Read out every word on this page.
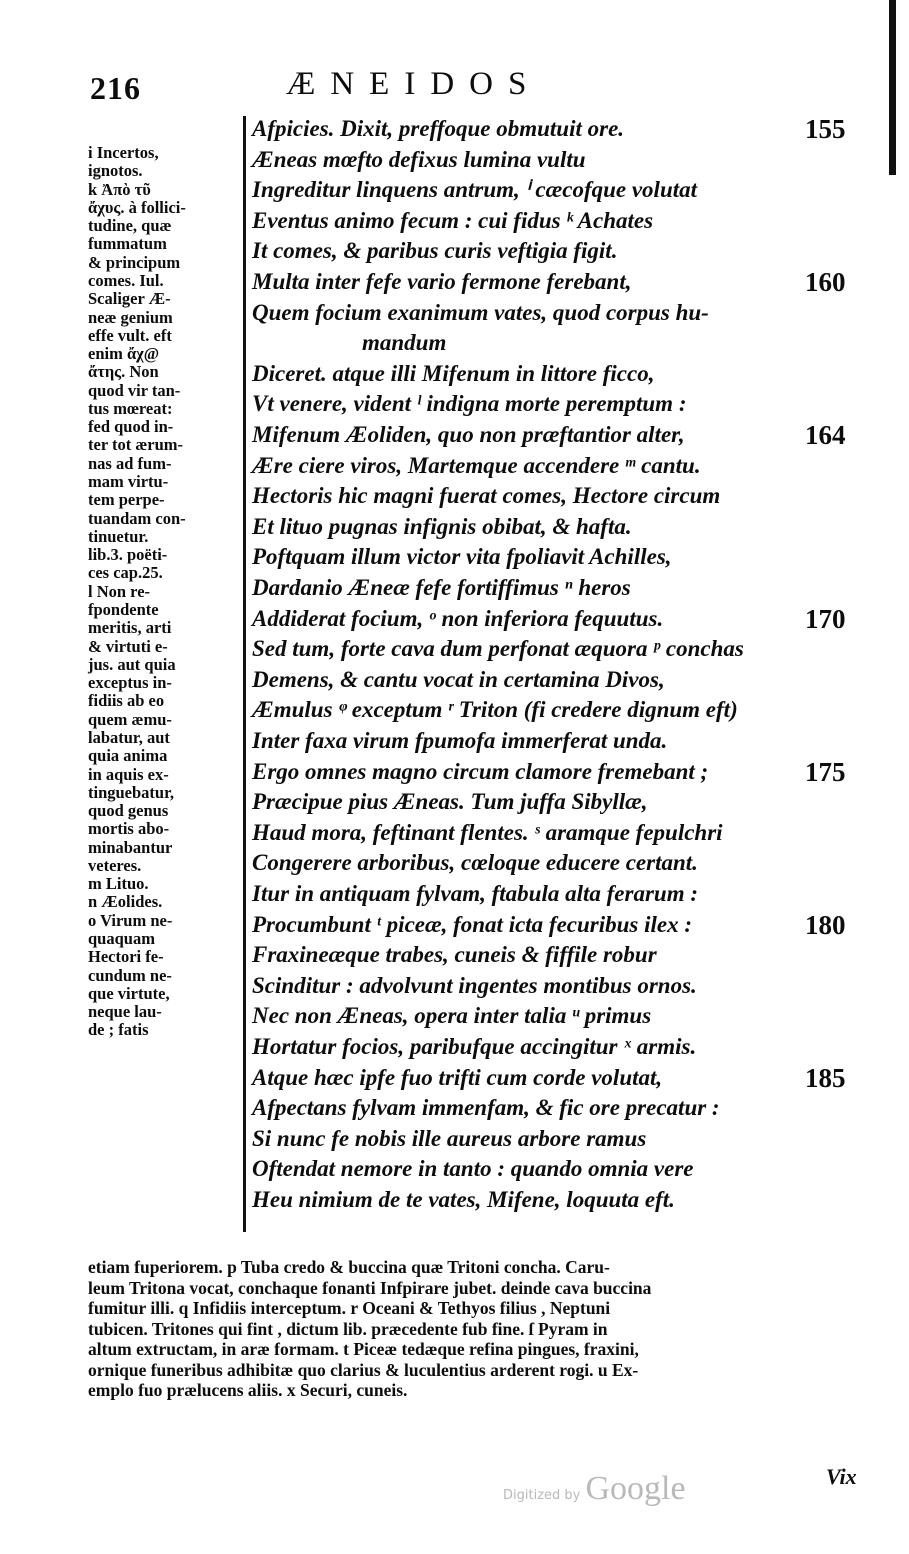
216	ÆNEIDOS
i Incertos,
ignotos.
k Ἀπὸ τῦ
ἄχυς. à follici-
tudine, quæ
fummatum
& principum
comes. Iul.
Scaliger Æ-
neæ genium
effe vult. eft
enim ἄχ@
ἄτης. Non
quod vir tan-
tus mœreat:
fed quod in-
ter tot ærum-
nas ad fum-
mam virtu-
tem perpe-
tuandam con-
tinuetur.
lib.3. poëti-
ces cap.25.
l Non re-
fpondente
meritis, arti
& virtuti e-
jus. aut quia
exceptus in-
fidiis ab eo
quem æmu-
labatur, aut
quia anima
in aquis ex-
tinguebatur,
quod genus
mortis abo-
minabantur
veteres.
m Lituo.
n Æolides.
o Virum ne-
quaquam
Hectori fe-
cundum ne-
que virtute,
neque lau-
de ; fatis
Afpicies. Dixit, preffoque obmutuit ore.
Æneas mœfto defixus lumina vultu
Ingreditur linquens antrum, ⁱ cæcofque volutat
Eventus animo fecum : cui fidus ᵏ Achates
It comes, & paribus curis veftigia figit.
Multa inter fefe vario fermone ferebant,
Quem focium exanimum vates, quod corpus hu-
mandum
Diceret. atque illi Mifenum in littore ficco,
Vt venere, vident ˡ indigna morte peremptum :
Mifenum Æoliden, quo non præftantior alter,
Ære ciere viros, Martemque accendere ᵐ cantu.
Hectoris hic magni fuerat comes, Hectore circum
Et lituo pugnas infignis obibat, & hafta.
Poftquam illum victor vita fpoliavit Achilles,
Dardanio Æneæ fefe fortiffimus ⁿ heros
Addiderat focium, ᵒ non inferiora fequutus.
Sed tum, forte cava dum perfonat æquora ᵖ conchas
Demens, & cantu vocat in certamina Divos,
Æmulus ᵠ exceptum ʳ Triton (fi credere dignum eft)
Inter faxa virum fpumofa immerferat unda.
Ergo omnes magno circum clamore fremebant ;
Præcipue pius Æneas. Tum juffa Sibyllæ,
Haud mora, feftinant flentes. ˢ aramque fepulchri
Congerere arboribus, cœloque educere certant.
Itur in antiquam fylvam, ftabula alta ferarum :
Procumbunt ᵗ piceæ, fonat icta fecuribus ilex :
Fraxineæque trabes, cuneis & fiffile robur
Scinditur : advolvunt ingentes montibus ornos.
Nec non Æneas, opera inter talia ᵘ primus
Hortatur focios, paribufque accingitur ˣ armis.
Atque hæc ipfe fuo trifti cum corde volutat,
Afpectans fylvam immenfam, & fic ore precatur :
Si nunc fe nobis ille aureus arbore ramus
Oftendat nemore in tanto : quando omnia vere
Heu nimium de te vates, Mifene, loquuta eft.
155
160
164
170
175
180
185
etiam fuperiorem. p Tuba credo & buccina quæ Tritoni concha. Caru-
leum Tritona vocat, conchaque fonanti Infpirare jubet. deinde cava buccina
fumitur illi. q Infidiis interceptum. r Oceani & Tethyos filius , Neptuni
tubicen. Tritones qui fint , dictum lib. præcedente fub fine. ſ Pyram in
altum extructam, in aræ formam. t Piceæ tedæque refina pingues, fraxini,
ornique funeribus adhibitæ quo clarius & luculentius arderent rogi. u Ex-
emplo fuo prælucens aliis. x Securi, cuneis.
Vix
Digitized by Google
